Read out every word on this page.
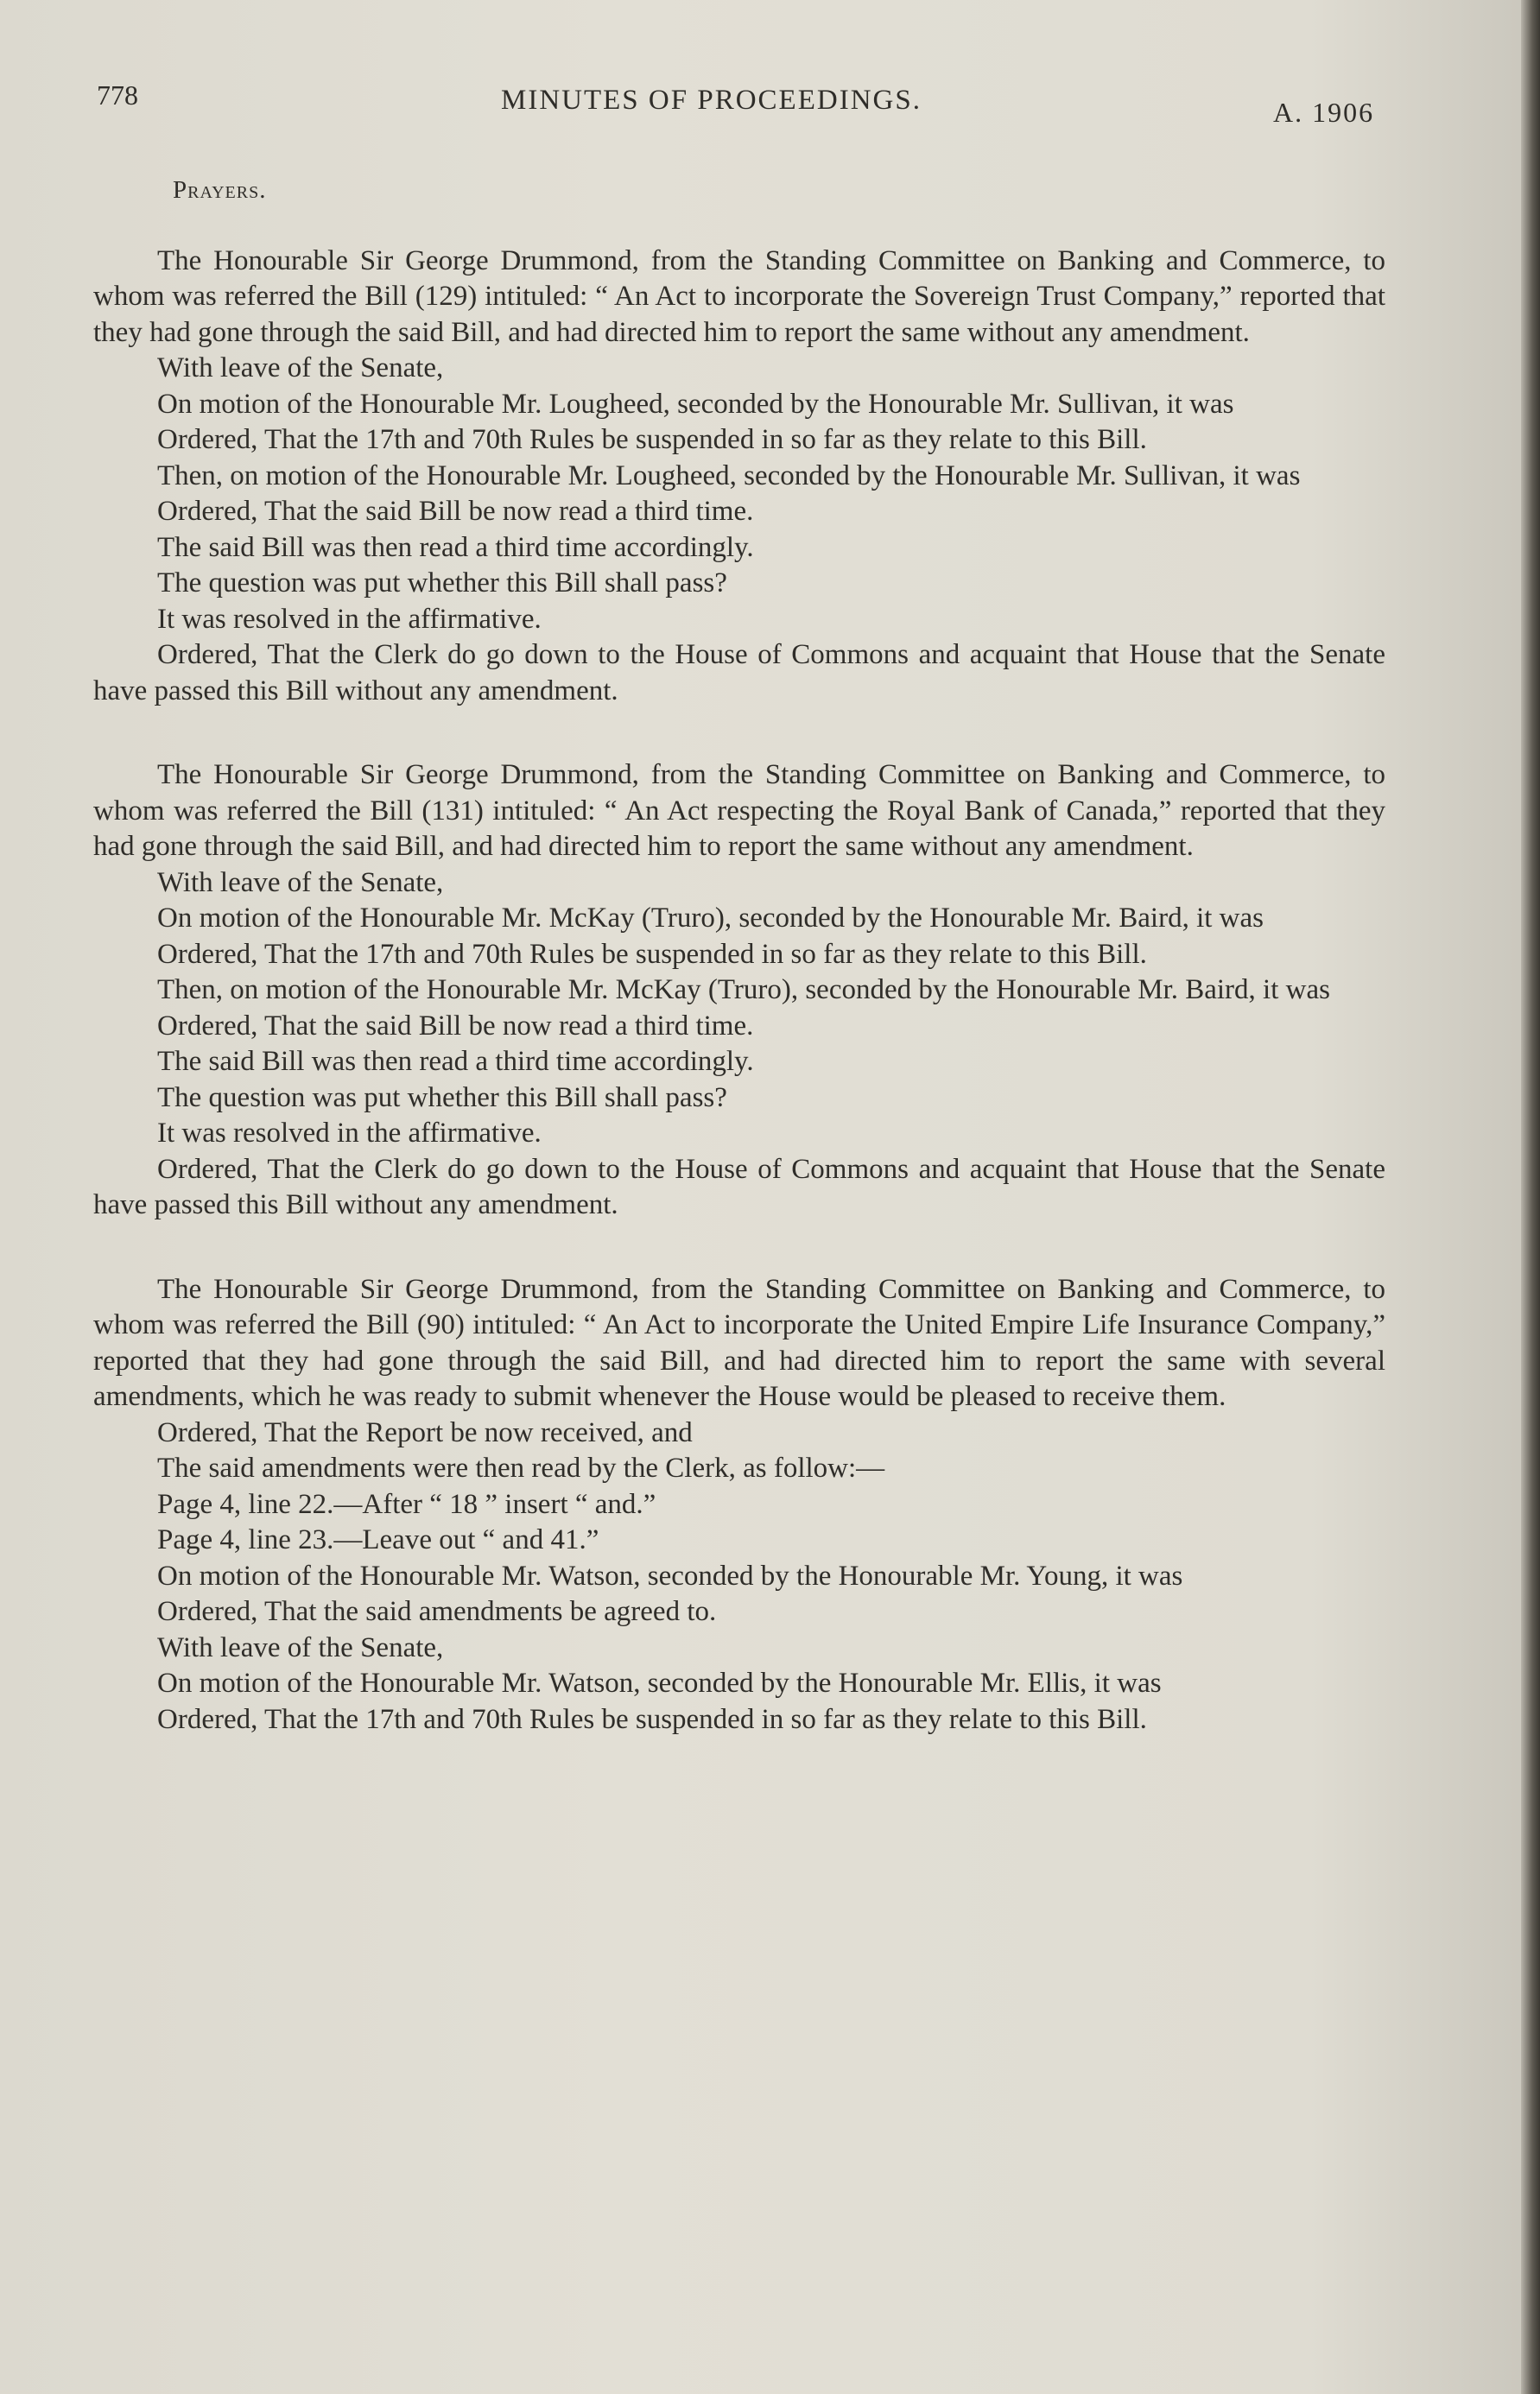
778	MINUTES OF PROCEEDINGS.	A. 1906
Prayers.

The Honourable Sir George Drummond, from the Standing Committee on Banking and Commerce, to whom was referred the Bill (129) intituled: “ An Act to incorporate the Sovereign Trust Company,” reported that they had gone through the said Bill, and had directed him to report the same without any amendment.

With leave of the Senate,

On motion of the Honourable Mr. Lougheed, seconded by the Honourable Mr. Sullivan, it was

Ordered, That the 17th and 70th Rules be suspended in so far as they relate to this Bill.

Then, on motion of the Honourable Mr. Lougheed, seconded by the Honourable Mr. Sullivan, it was

Ordered, That the said Bill be now read a third time.

The said Bill was then read a third time accordingly.

The question was put whether this Bill shall pass?

It was resolved in the affirmative.

Ordered, That the Clerk do go down to the House of Commons and acquaint that House that the Senate have passed this Bill without any amendment.

The Honourable Sir George Drummond, from the Standing Committee on Banking and Commerce, to whom was referred the Bill (131) intituled: “ An Act respecting the Royal Bank of Canada,” reported that they had gone through the said Bill, and had directed him to report the same without any amendment.

With leave of the Senate,

On motion of the Honourable Mr. McKay (Truro), seconded by the Honourable Mr. Baird, it was

Ordered, That the 17th and 70th Rules be suspended in so far as they relate to this Bill.

Then, on motion of the Honourable Mr. McKay (Truro), seconded by the Honourable Mr. Baird, it was

Ordered, That the said Bill be now read a third time.

The said Bill was then read a third time accordingly.

The question was put whether this Bill shall pass?

It was resolved in the affirmative.

Ordered, That the Clerk do go down to the House of Commons and acquaint that House that the Senate have passed this Bill without any amendment.

The Honourable Sir George Drummond, from the Standing Committee on Banking and Commerce, to whom was referred the Bill (90) intituled: “ An Act to incorporate the United Empire Life Insurance Company,” reported that they had gone through the said Bill, and had directed him to report the same with several amendments, which he was ready to submit whenever the House would be pleased to receive them.

Ordered, That the Report be now received, and

The said amendments were then read by the Clerk, as follow:—

Page 4, line 22.—After “ 18 ” insert “ and.”

Page 4, line 23.—Leave out “ and 41.”

On motion of the Honourable Mr. Watson, seconded by the Honourable Mr. Young, it was

Ordered, That the said amendments be agreed to.

With leave of the Senate,

On motion of the Honourable Mr. Watson, seconded by the Honourable Mr. Ellis, it was

Ordered, That the 17th and 70th Rules be suspended in so far as they relate to this Bill.
